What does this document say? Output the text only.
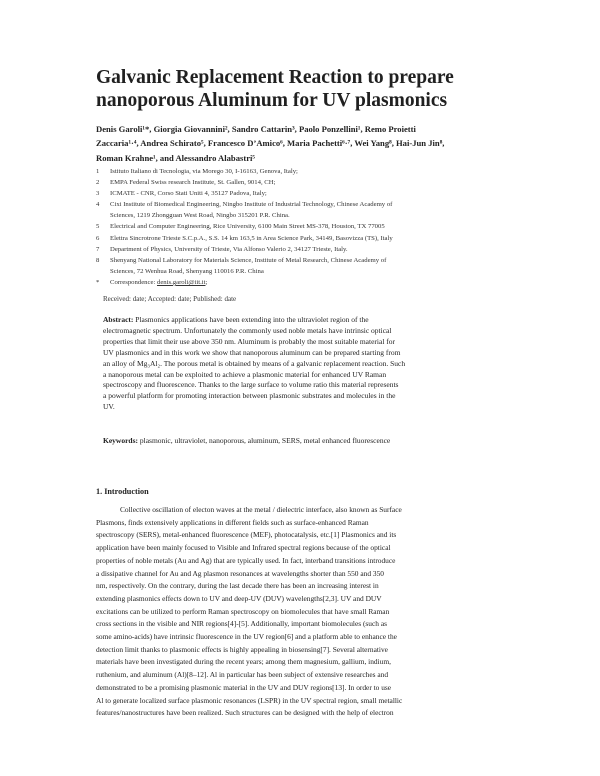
Galvanic Replacement Reaction to prepare
nanoporous Aluminum for UV plasmonics
Denis Garoli¹*, Giorgia Giovannini², Sandro Cattarin³, Paolo Ponzellini¹, Remo Proietti
Zaccaria¹·⁴, Andrea Schirato⁵, Francesco D’Amico⁶, Maria Pachetti⁶·⁷, Wei Yang⁸, Hai-Jun Jin⁸,
Roman Krahne¹, and Alessandro Alabastri⁵
1	Istituto Italiano di Tecnologia, via Morego 30, I-16163, Genova, Italy;
2	EMPA Federal Swiss research Institute, St. Gallen, 9014, CH;
3	ICMATE - CNR, Corso Stati Uniti 4, 35127 Padova, Italy;
4	Cixi Institute of Biomedical Engineering, Ningbo Institute of Industrial Technology, Chinese Academy of
Sciences, 1219 Zhongguan West Road, Ningbo 315201 P.R. China.
5	Electrical and Computer Engineering, Rice University, 6100 Main Street MS-378, Houston, TX 77005
6	Elettra Sincrotrone Trieste S.C.p.A., S.S. 14 km 163,5 in Area Science Park, 34149, Basovizza (TS), Italy
7	Department of Physics, University of Trieste, Via Alfonso Valerio 2, 34127 Trieste, Italy.
8	Shenyang National Laboratory for Materials Science, Institute of Metal Research, Chinese Academy of
Sciences, 72 Wenhua Road, Shenyang 110016 P.R. China
*	Correspondence: denis.garoli@iit.it;
Received: date; Accepted: date; Published: date
Abstract: Plasmonics applications have been extending into the ultraviolet region of the
electromagnetic spectrum. Unfortunately the commonly used noble metals have intrinsic optical
properties that limit their use above 350 nm. Aluminum is probably the most suitable material for
UV plasmonics and in this work we show that nanoporous aluminum can be prepared starting from
an alloy of Mg₃Al₂. The porous metal is obtained by means of a galvanic replacement reaction. Such
a nanoporous metal can be exploited to achieve a plasmonic material for enhanced UV Raman
spectroscopy and fluorescence. Thanks to the large surface to volume ratio this material represents
a powerful platform for promoting interaction between plasmonic substrates and molecules in the
UV.
Keywords: plasmonic, ultraviolet, nanoporous, aluminum, SERS, metal enhanced fluorescence
1. Introduction
Collective oscillation of electon waves at the metal / dielectric interface, also known as Surface
Plasmons, finds extensively applications in different fields such as surface-enhanced Raman
spectroscopy (SERS), metal-enhanced fluorescence (MEF), photocatalysis, etc.[1] Plasmonics and its
application have been mainly focused to Visible and Infrared spectral regions because of the optical
properties of noble metals (Au and Ag) that are typically used. In fact, interband transitions introduce
a dissipative channel for Au and Ag plasmon resonances at wavelengths shorter than 550 and 350
nm, respectively. On the contrary, during the last decade there has been an increasing interest in
extending plasmonics effects down to UV and deep-UV (DUV) wavelengths[2,3]. UV and DUV
excitations can be utilized to perform Raman spectroscopy on biomolecules that have small Raman
cross sections in the visible and NIR regions[4]-[5]. Additionally, important biomolecules (such as
some amino-acids) have intrinsic fluorescence in the UV region[6] and a platform able to enhance the
detection limit thanks to plasmonic effects is highly appealing in biosensing[7]. Several alternative
materials have been investigated during the recent years; among them magnesium, gallium, indium,
ruthenium, and aluminum (Al)[8–12]. Al in particular has been subject of extensive researches and
demonstrated to be a promising plasmonic material in the UV and DUV regions[13]. In order to use
Al to generate localized surface plasmonic resonances (LSPR) in the UV spectral region, small metallic
features/nanostructures have been realized. Such structures can be designed with the help of electron
